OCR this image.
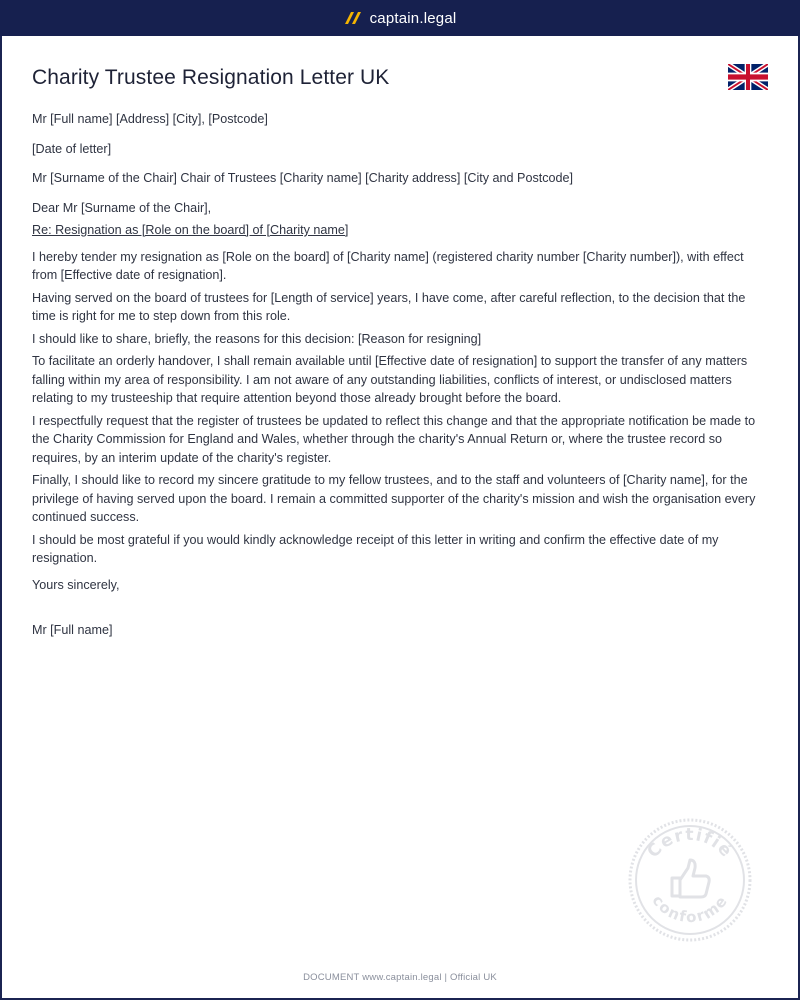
captain.legal
Charity Trustee Resignation Letter UK

Mr [Full name] [Address] [City], [Postcode]

[Date of letter]

Mr [Surname of the Chair] Chair of Trustees [Charity name] [Charity address] [City and Postcode]

Dear Mr [Surname of the Chair],

Re: Resignation as [Role on the board] of [Charity name]

I hereby tender my resignation as [Role on the board] of [Charity name] (registered charity number [Charity number]), with effect from [Effective date of resignation].

Having served on the board of trustees for [Length of service] years, I have come, after careful reflection, to the decision that the time is right for me to step down from this role.

I should like to share, briefly, the reasons for this decision: [Reason for resigning]

To facilitate an orderly handover, I shall remain available until [Effective date of resignation] to support the transfer of any matters falling within my area of responsibility. I am not aware of any outstanding liabilities, conflicts of interest, or undisclosed matters relating to my trusteeship that require attention beyond those already brought before the board.

I respectfully request that the register of trustees be updated to reflect this change and that the appropriate notification be made to the Charity Commission for England and Wales, whether through the charity's Annual Return or, where the trustee record so requires, by an interim update of the charity's register.

Finally, I should like to record my sincere gratitude to my fellow trustees, and to the staff and volunteers of [Charity name], for the privilege of having served upon the board. I remain a committed supporter of the charity's mission and wish the organisation every continued success.

I should be most grateful if you would kindly acknowledge receipt of this letter in writing and confirm the effective date of my resignation.

Yours sincerely,

Mr [Full name]

Certifié
conforme
DOCUMENT www.captain.legal | Official UK
